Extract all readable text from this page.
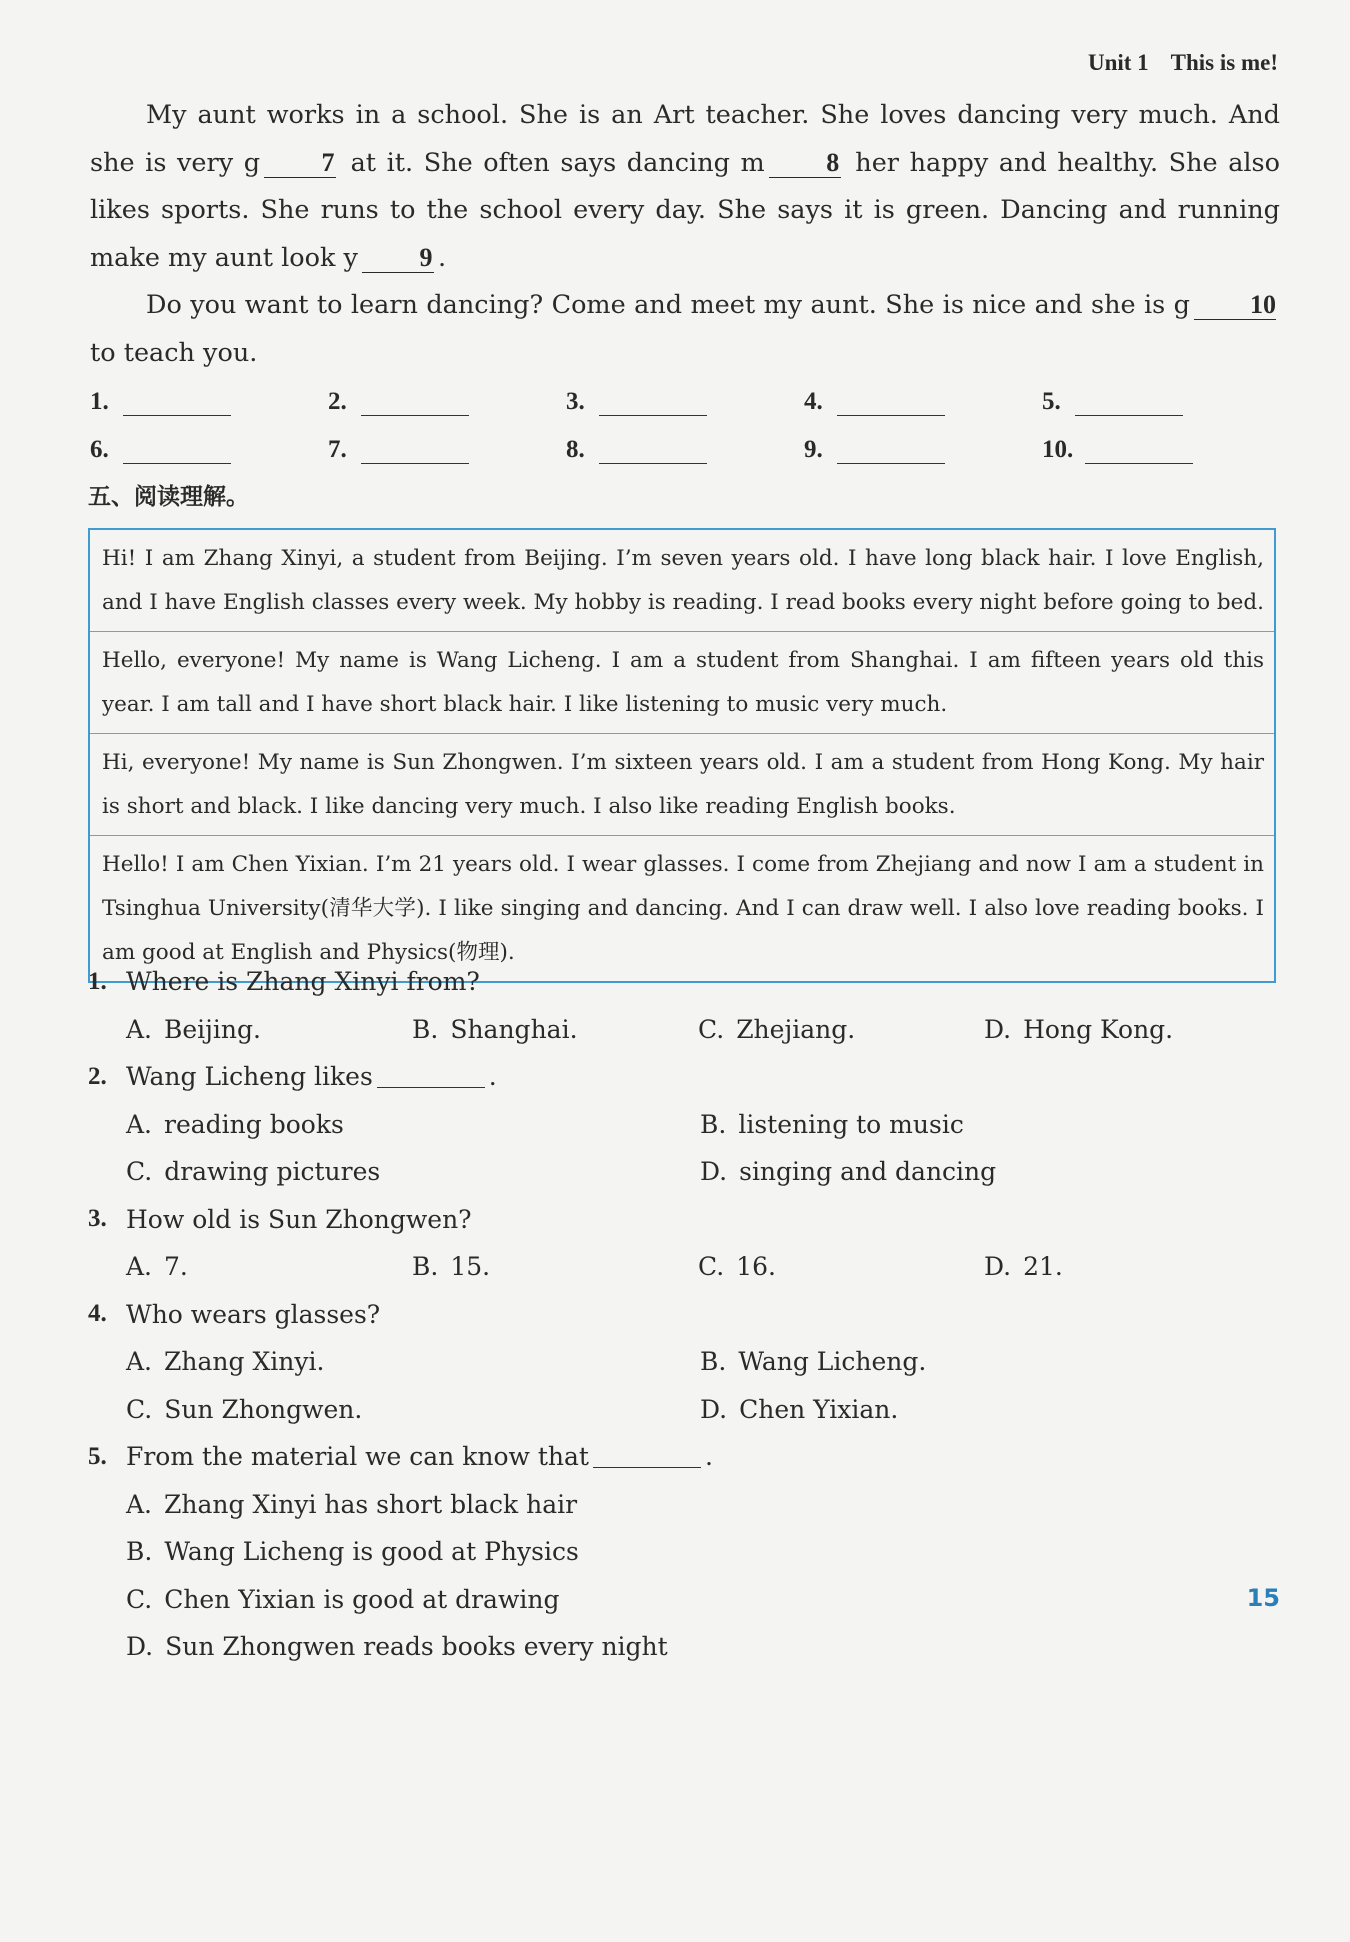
Unit 1 This is me!

My aunt works in a school. She is an Art teacher. She loves dancing very much. And she is very g 7 at it. She often says dancing m 8 her happy and healthy. She also likes sports. She runs to the school every day. She says it is green. Dancing and running make my aunt look y 9 .

Do you want to learn dancing? Come and meet my aunt. She is nice and she is g 10 to teach you.

1.	2.	3.	4.	5.
6.	7.	8.	9.	10.
五、阅读理解。
Hi! I am Zhang Xinyi, a student from Beijing. I’m seven years old. I have long black hair. I love English, and I have English classes every week. My hobby is reading. I read books every night before going to bed.
Hello, everyone! My name is Wang Licheng. I am a student from Shanghai. I am fifteen years old this year. I am tall and I have short black hair. I like listening to music very much.
Hi, everyone! My name is Sun Zhongwen. I’m sixteen years old. I am a student from Hong Kong. My hair is short and black. I like dancing very much. I also like reading English books.
Hello! I am Chen Yixian. I’m 21 years old. I wear glasses. I come from Zhejiang and now I am a student in Tsinghua University(清华大学). I like singing and dancing. And I can draw well. I also love reading books. I am good at English and Physics(物理).
1. Where is Zhang Xinyi from?
A. Beijing.	B. Shanghai.	C. Zhejiang.	D. Hong Kong.
2. Wang Licheng likes	.
A. reading books	B. listening to music
C. drawing pictures	D. singing and dancing
3. How old is Sun Zhongwen?
A. 7.	B. 15.	C. 16.	D. 21.
4. Who wears glasses?
A. Zhang Xinyi.	B. Wang Licheng.
C. Sun Zhongwen.	D. Chen Yixian.
5. From the material we can know that	.
A. Zhang Xinyi has short black hair
B. Wang Licheng is good at Physics
C. Chen Yixian is good at drawing
D. Sun Zhongwen reads books every night
15
